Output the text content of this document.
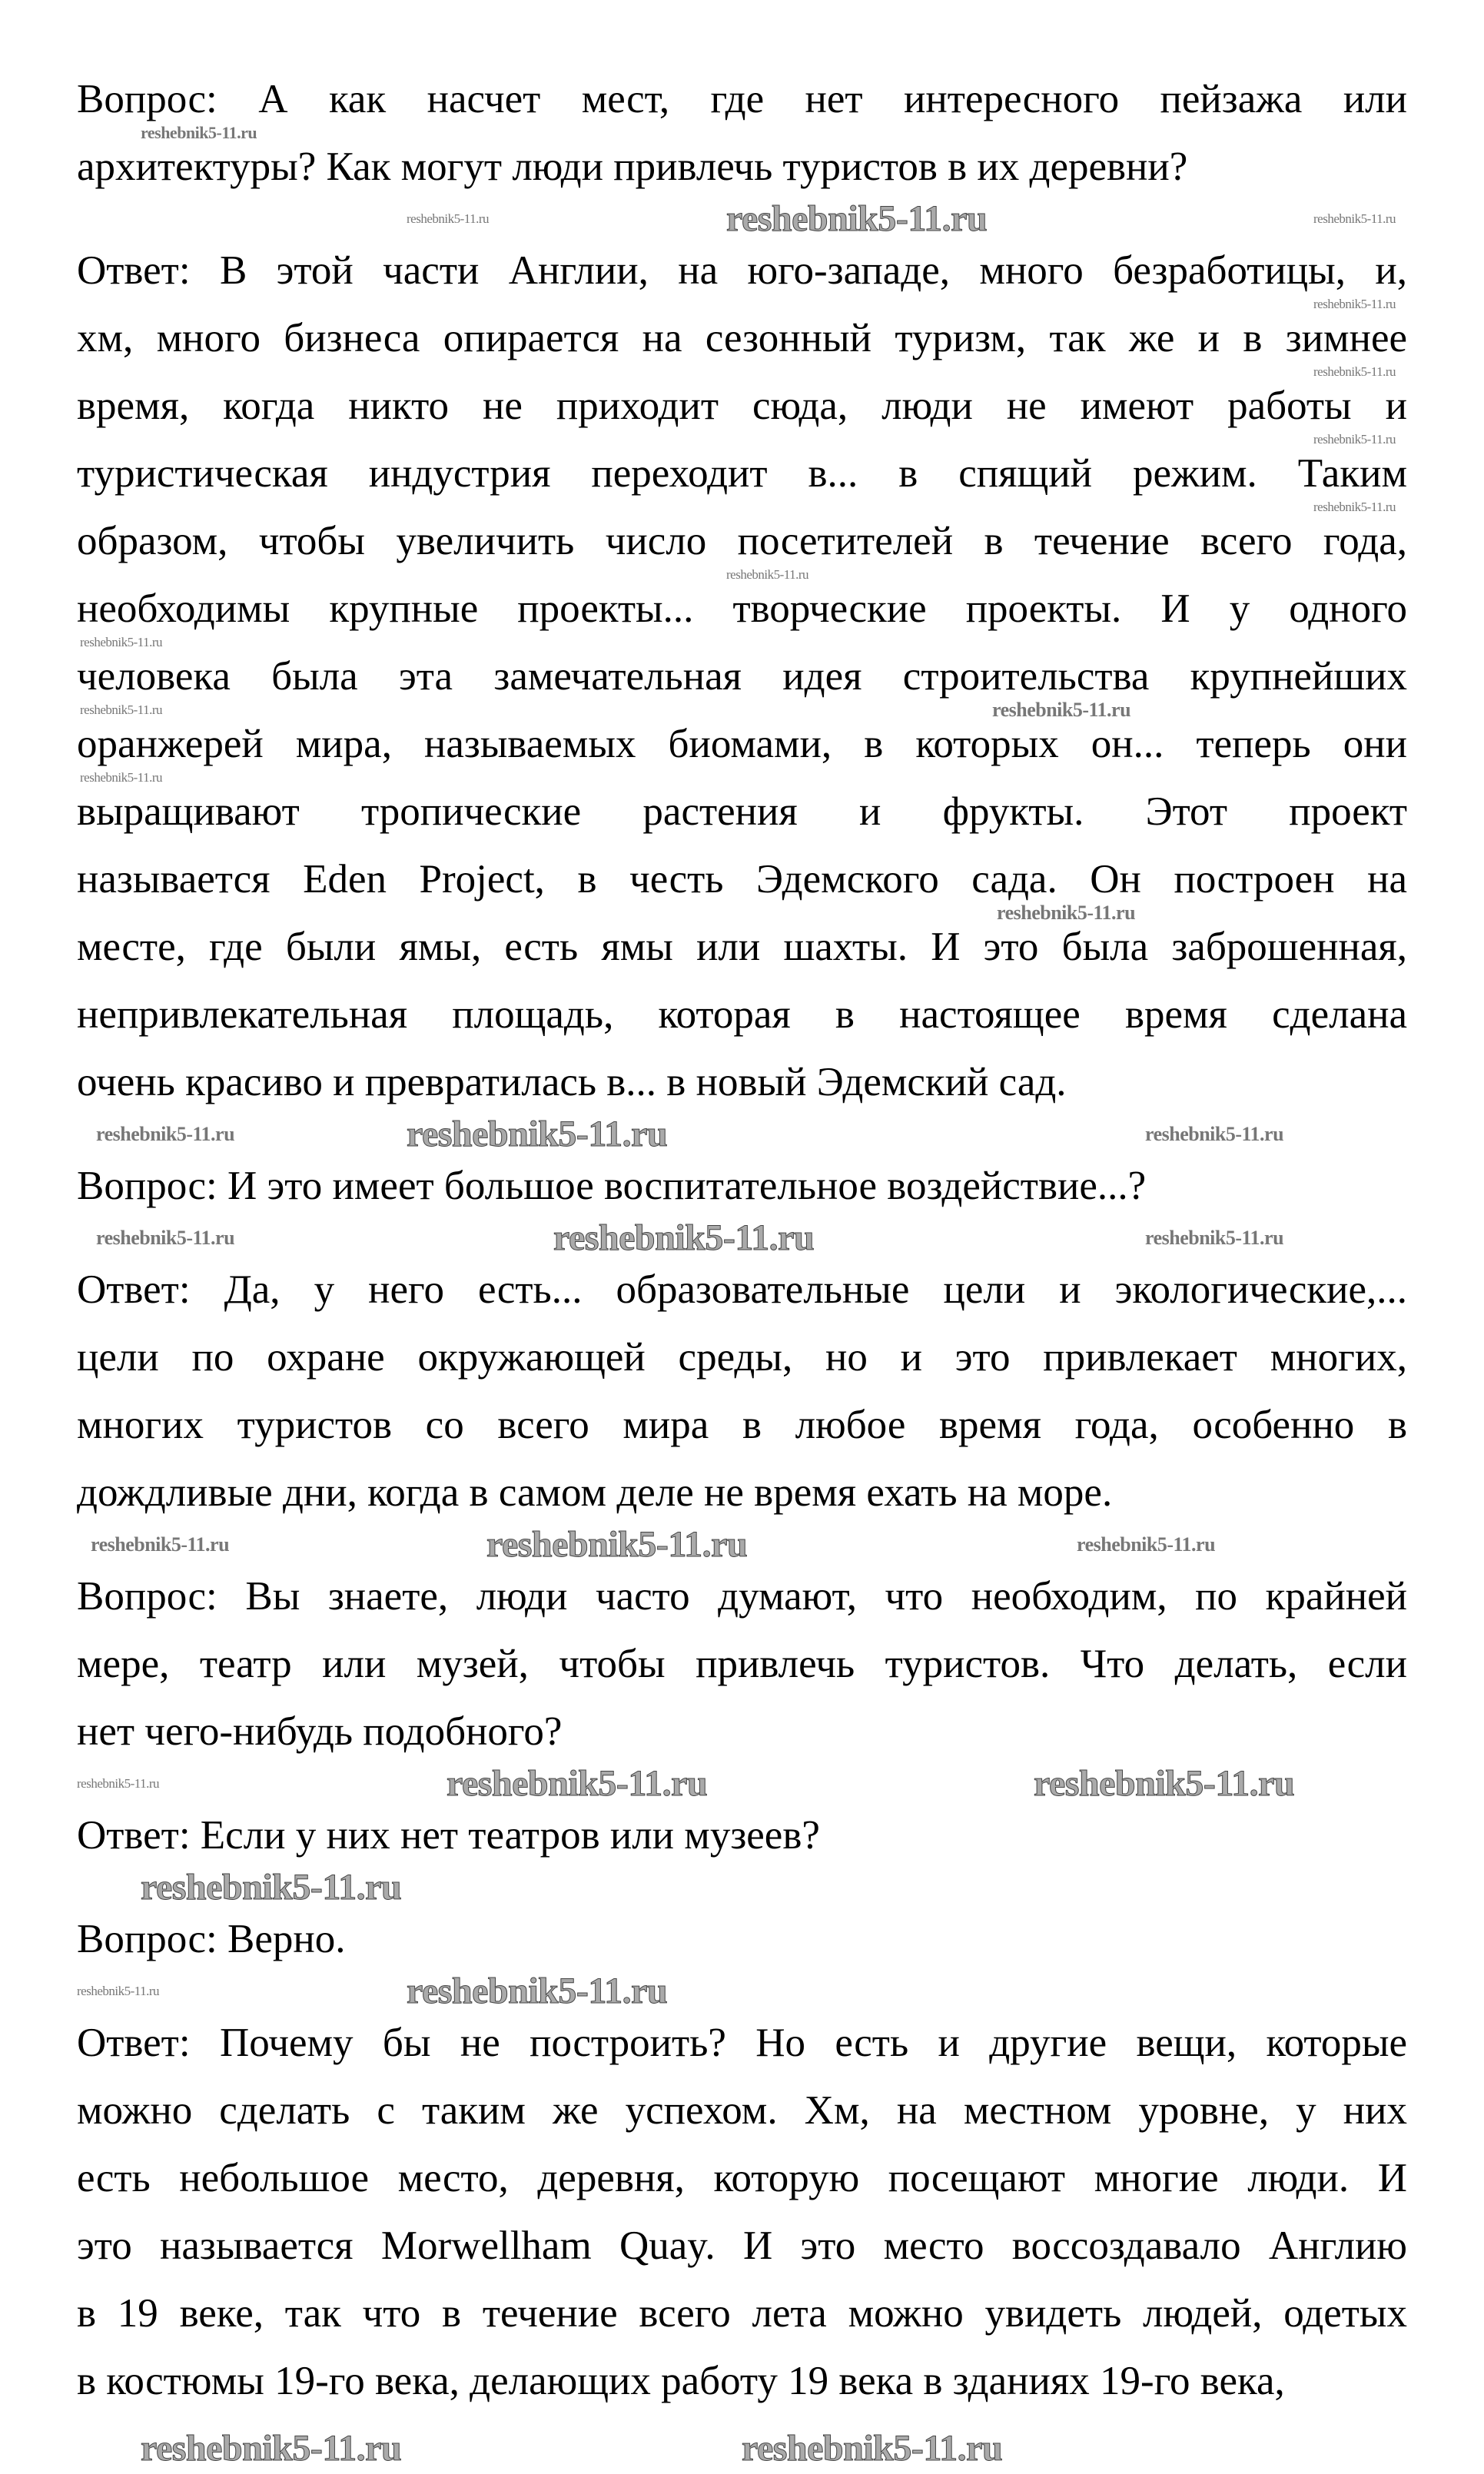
Вопрос: А как насчет мест, где нет интересного пейзажа или
архитектуры? Как могут люди привлечь туристов в их деревни?
Ответ: В этой части Англии, на юго-западе, много безработицы, и,
хм, много бизнеса опирается на сезонный туризм, так же и в зимнее
время, когда никто не приходит сюда, люди не имеют работы и
туристическая индустрия переходит в... в спящий режим. Таким
образом, чтобы увеличить число посетителей в течение всего года,
необходимы крупные проекты... творческие проекты. И у одного
человека была эта замечательная идея строительства крупнейших
оранжерей мира, называемых биомами, в которых он... теперь они
выращивают тропические растения и фрукты. Этот проект
называется Eden Project, в честь Эдемского сада. Он построен на
месте, где были ямы, есть ямы или шахты. И это была заброшенная,
непривлекательная площадь, которая в настоящее время сделана
очень красиво и превратилась в... в новый Эдемский сад.
Вопрос: И это имеет большое воспитательное воздействие...?
Ответ: Да, у него есть... образовательные цели и экологические,...
цели по охране окружающей среды, но и это привлекает многих,
многих туристов со всего мира в любое время года, особенно в
дождливые дни, когда в самом деле не время ехать на море.
Вопрос: Вы знаете, люди часто думают, что необходим, по крайней
мере, театр или музей, чтобы привлечь туристов. Что делать, если
нет чего-нибудь подобного?
Ответ: Если у них нет театров или музеев?
Вопрос: Верно.
Ответ: Почему бы не построить? Но есть и другие вещи, которые
можно сделать с таким же успехом. Хм, на местном уровне, у них
есть небольшое место, деревня, которую посещают многие люди. И
это называется Morwellham Quay. И это место воссоздавало Англию
в 19 веке, так что в течение всего лета можно увидеть людей, одетых
в костюмы 19-го века, делающих работу 19 века в зданиях 19-го века,
reshebnik5-11.ru
reshebnik5-11.ru
reshebnik5-11.ru	reshebnik5-11.ru
reshebnik5-11.ru
reshebnik5-11.ru
reshebnik5-11.ru
reshebnik5-11.ru
reshebnik5-11.ru
reshebnik5-11.ru
reshebnik5-11.ru	reshebnik5-11.ru
reshebnik5-11.ru
reshebnik5-11.ru
reshebnik5-11.ru
reshebnik5-11.ru	reshebnik5-11.ru
reshebnik5-11.ru
reshebnik5-11.ru	reshebnik5-11.ru
reshebnik5-11.ru
reshebnik5-11.ru	reshebnik5-11.ru
reshebnik5-11.ru	reshebnik5-11.ru
reshebnik5-11.ru
reshebnik5-11.ru
reshebnik5-11.ru
reshebnik5-11.ru
reshebnik5-11.ru	reshebnik5-11.ru
